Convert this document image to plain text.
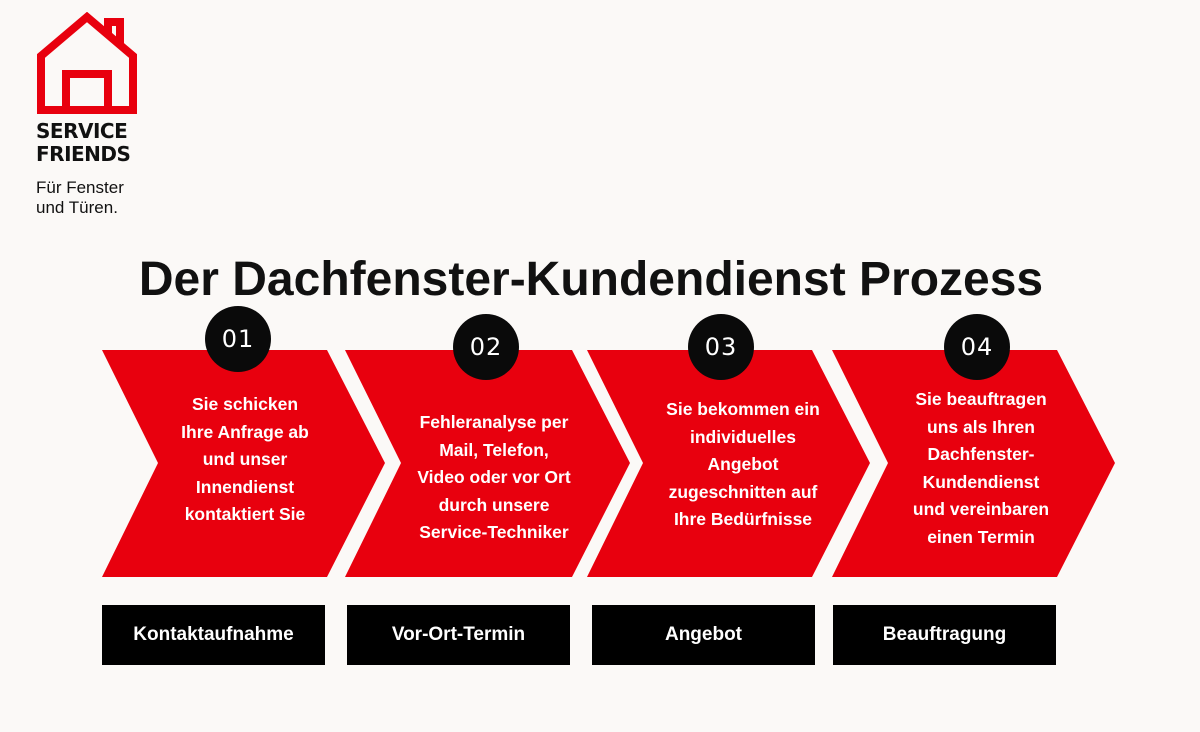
SERVICE
FRIENDS
Für Fenster
und Türen.
Der Dachfenster-Kundendienst Prozess
Sie schicken
Ihre Anfrage ab
und unser
Innendienst
kontaktiert Sie
Fehleranalyse per
Mail, Telefon,
Video oder vor Ort
durch unsere
Service-Techniker
Sie bekommen ein
individuelles
Angebot
zugeschnitten auf
Ihre Bedürfnisse
Sie beauftragen
uns als Ihren
Dachfenster-
Kundendienst
und vereinbaren
einen Termin
01	02	03	04
Kontaktaufnahme	Vor-Ort-Termin	Angebot	Beauftragung
